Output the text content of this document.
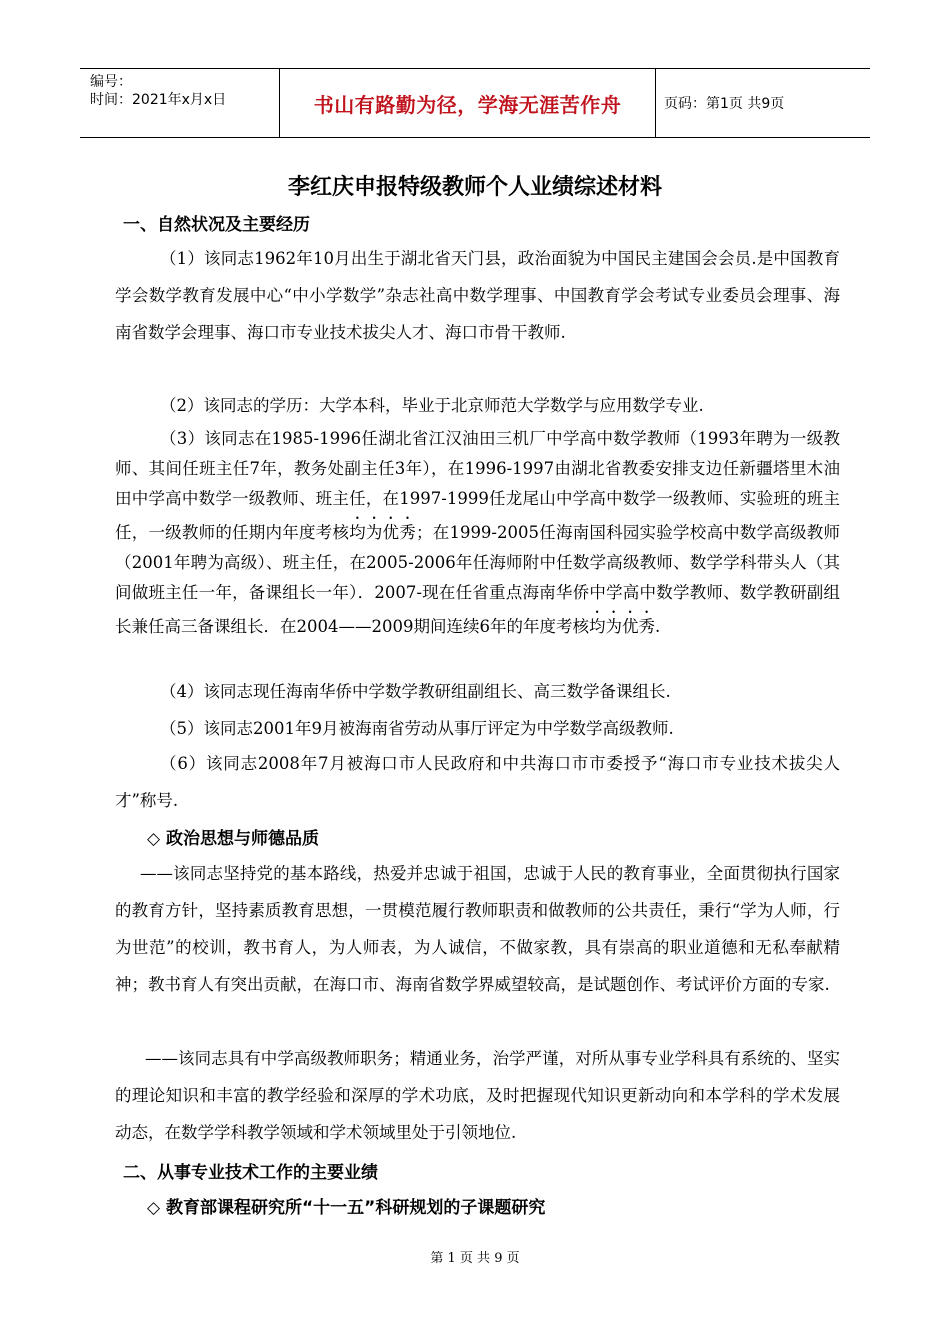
编号：
时间：2021年x月x日	书山有路勤为径，学海无涯苦作舟	页码：第1页 共9页
李红庆申报特级教师个人业绩综述材料
一、自然状况及主要经历
（1）该同志1962年10月出生于湖北省天门县，政治面貌为中国民主建国会会员.是中国教育学会数学教育发展中心“中小学数学”杂志社高中数学理事、中国教育学会考试专业委员会理事、海南省数学会理事、海口市专业技术拔尖人才、海口市骨干教师.
（2）该同志的学历：大学本科，毕业于北京师范大学数学与应用数学专业.
（3）该同志在1985-1996任湖北省江汉油田三机厂中学高中数学教师（1993年聘为一级教师、其间任班主任7年，教务处副主任3年），在1996-1997由湖北省教委安排支边任新疆塔里木油田中学高中数学一级教师、班主任，在1997-1999任龙尾山中学高中数学一级教师、实验班的班主任，一级教师的任期内年度考核均为优秀；在1999-2005任海南国科园实验学校高中数学高级教师（2001年聘为高级）、班主任，在2005-2006年任海师附中任数学高级教师、数学学科带头人（其间做班主任一年，备课组长一年）．2007-现在任省重点海南华侨中学高中数学教师、数学教研副组长兼任高三备课组长．在2004——2009期间连续6年的年度考核均为优秀.
（4）该同志现任海南华侨中学数学教研组副组长、高三数学备课组长.
（5）该同志2001年9月被海南省劳动从事厅评定为中学数学高级教师.
（6）该同志2008年7月被海口市人民政府和中共海口市市委授予“海口市专业技术拔尖人才”称号.
◇ 政治思想与师德品质
——该同志坚持党的基本路线，热爱并忠诚于祖国，忠诚于人民的教育事业，全面贯彻执行国家的教育方针，坚持素质教育思想，一贯模范履行教师职责和做教师的公共责任，秉行“学为人师，行为世范”的校训，教书育人，为人师表，为人诚信，不做家教，具有崇高的职业道德和无私奉献精神；教书育人有突出贡献，在海口市、海南省数学界威望较高，是试题创作、考试评价方面的专家.
——该同志具有中学高级教师职务；精通业务，治学严谨，对所从事专业学科具有系统的、坚实的理论知识和丰富的教学经验和深厚的学术功底，及时把握现代知识更新动向和本学科的学术发展动态，在数学学科教学领域和学术领域里处于引领地位.
二、从事专业技术工作的主要业绩
◇ 教育部课程研究所“十一五”科研规划的子课题研究
第 1 页 共 9 页
